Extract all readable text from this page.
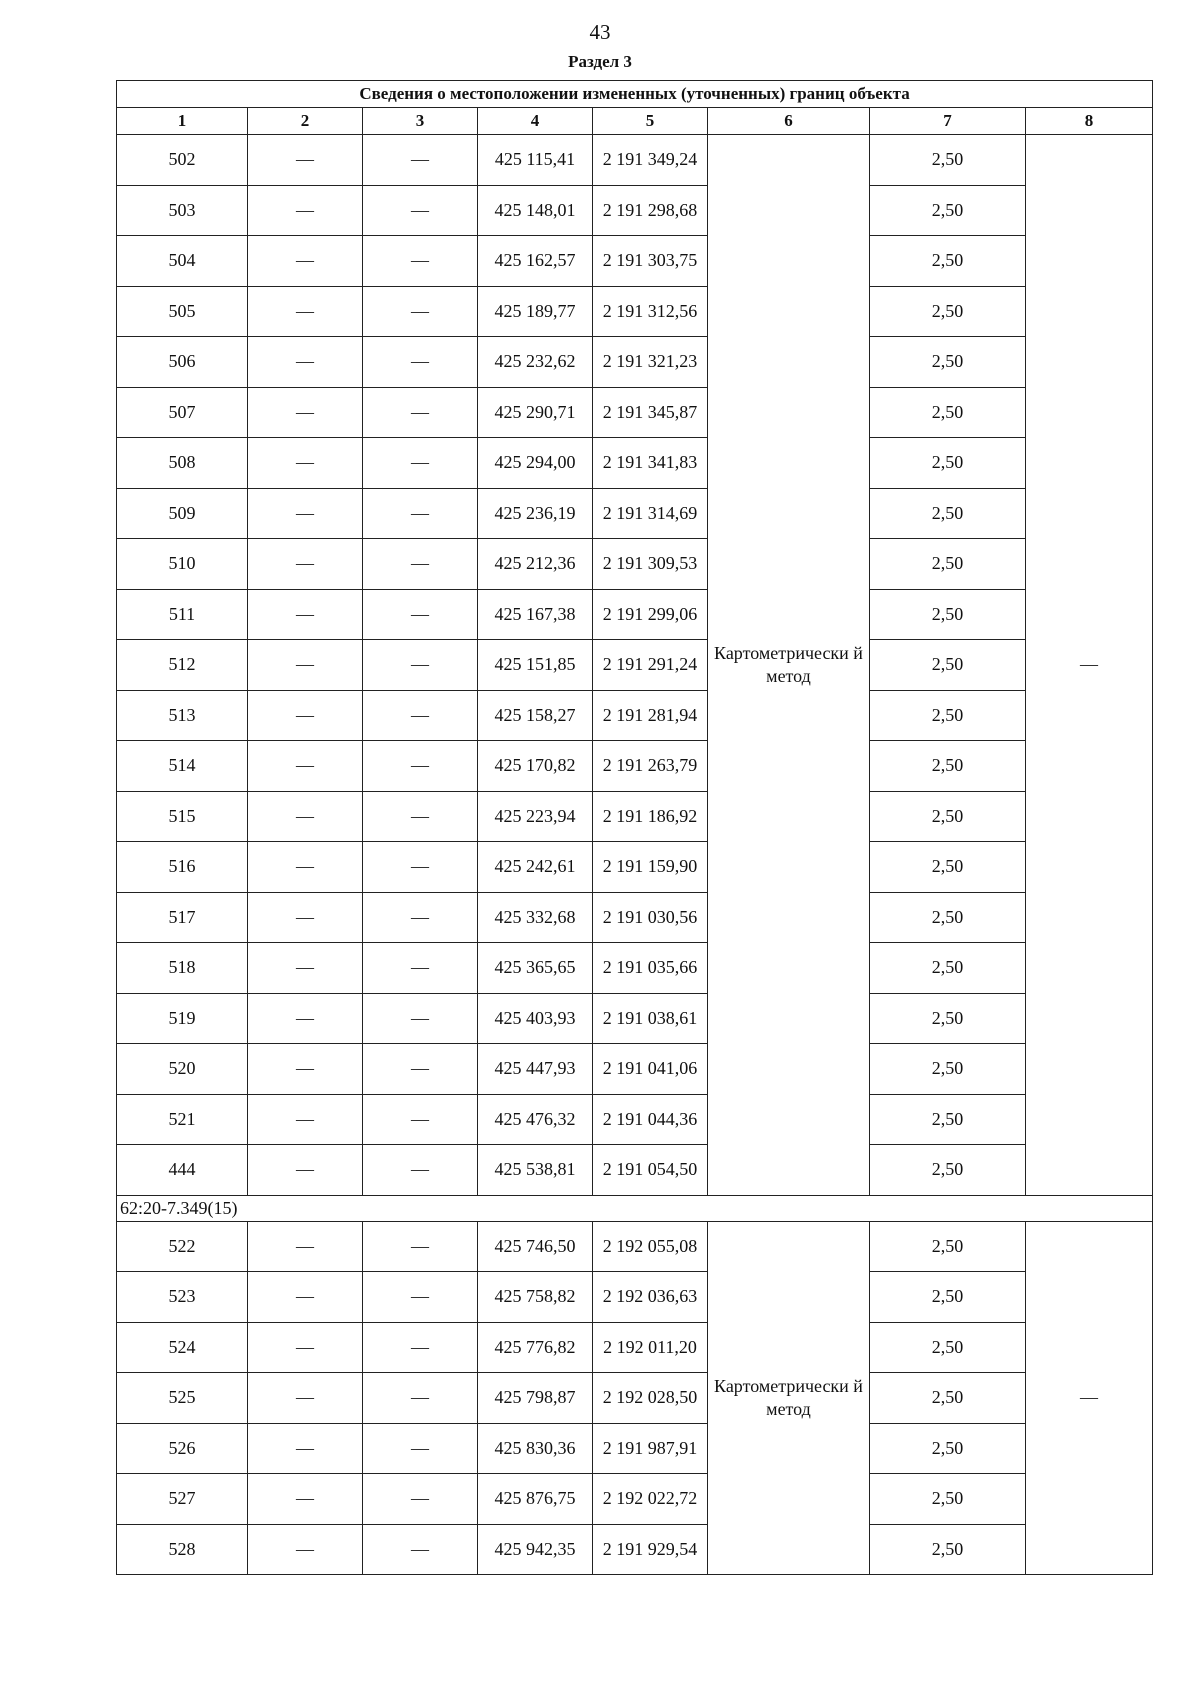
43
Раздел 3
Сведения о местоположении измененных (уточненных) границ объекта							
1	2	3	4	5	6	7	8
502	—	—	425 115,41	2 191 349,24	Картометрически й метод	2,50	—
503	—	—	425 148,01	2 191 298,68		2,50	
504	—	—	425 162,57	2 191 303,75		2,50	
505	—	—	425 189,77	2 191 312,56		2,50	
506	—	—	425 232,62	2 191 321,23		2,50	
507	—	—	425 290,71	2 191 345,87		2,50	
508	—	—	425 294,00	2 191 341,83		2,50	
509	—	—	425 236,19	2 191 314,69		2,50	
510	—	—	425 212,36	2 191 309,53		2,50	
511	—	—	425 167,38	2 191 299,06		2,50	
512	—	—	425 151,85	2 191 291,24		2,50	
513	—	—	425 158,27	2 191 281,94		2,50	
514	—	—	425 170,82	2 191 263,79		2,50	
515	—	—	425 223,94	2 191 186,92		2,50	
516	—	—	425 242,61	2 191 159,90		2,50	
517	—	—	425 332,68	2 191 030,56		2,50	
518	—	—	425 365,65	2 191 035,66		2,50	
519	—	—	425 403,93	2 191 038,61		2,50	
520	—	—	425 447,93	2 191 041,06		2,50	
521	—	—	425 476,32	2 191 044,36		2,50	
444	—	—	425 538,81	2 191 054,50		2,50	
62:20-7.349(15)							
522	—	—	425 746,50	2 192 055,08	Картометрически й метод	2,50	—
523	—	—	425 758,82	2 192 036,63		2,50	
524	—	—	425 776,82	2 192 011,20		2,50	
525	—	—	425 798,87	2 192 028,50		2,50	
526	—	—	425 830,36	2 191 987,91		2,50	
527	—	—	425 876,75	2 192 022,72		2,50	
528	—	—	425 942,35	2 191 929,54		2,50	
